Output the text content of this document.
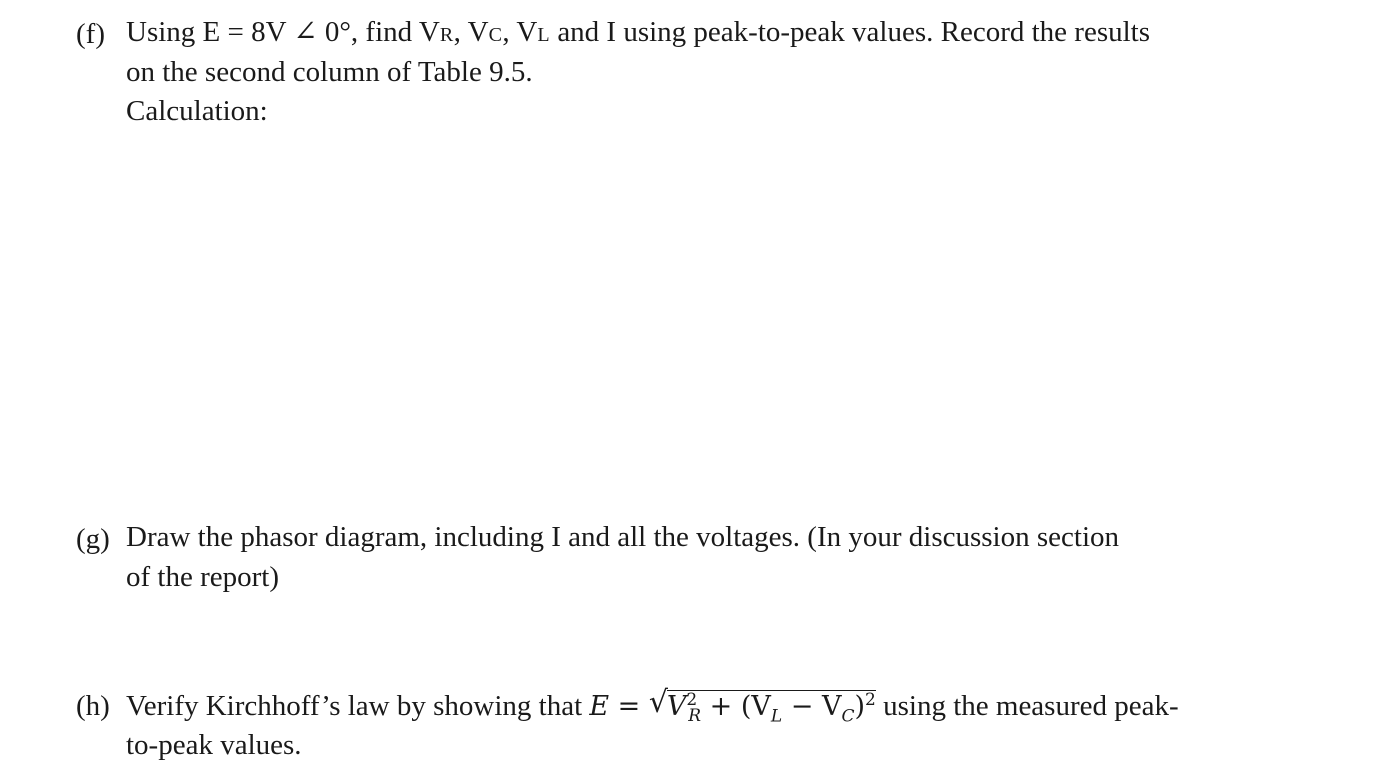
(f) Using E = 8V ∠ 0°, find VR, VC, VL and I using peak-to-peak values. Record the results
on the second column of Table 9.5.
Calculation:
(g) Draw the phasor diagram, including I and all the voltages. (In your discussion section
of the report)
(h) Verify Kirchhoff’s law by showing that E = √
$V^2_R + (V_L - V_C)^2$ using the measured peak-
to-peak values.
